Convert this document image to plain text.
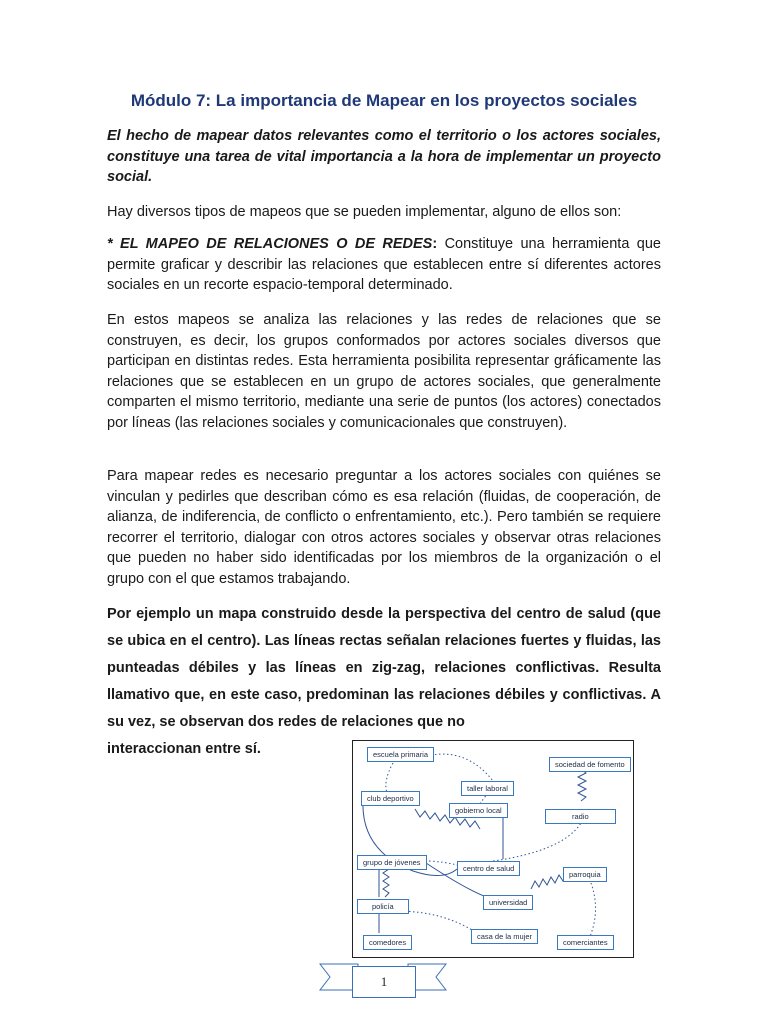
Módulo 7: La importancia de Mapear en los proyectos sociales
El hecho de mapear datos relevantes como el territorio o los actores sociales, constituye una tarea de vital importancia a la hora de implementar un proyecto social.
Hay diversos tipos de mapeos que se pueden implementar, alguno de ellos son:
* EL MAPEO DE RELACIONES O DE REDES: Constituye una herramienta que permite graficar y describir las relaciones que establecen entre sí diferentes actores sociales en un recorte espacio-temporal determinado.
En estos mapeos se analiza las relaciones y las redes de relaciones que se construyen, es decir, los grupos conformados por actores sociales diversos que participan en distintas redes. Esta herramienta posibilita representar gráficamente las relaciones que se establecen en un grupo de actores sociales, que generalmente comparten el mismo territorio, mediante una serie de puntos (los actores) conectados por líneas (las relaciones sociales y comunicacionales que construyen).
Para mapear redes es necesario preguntar a los actores sociales con quiénes se vinculan y pedirles que describan cómo es esa relación (fluidas, de cooperación, de alianza, de indiferencia, de conflicto o enfrentamiento, etc.). Pero también se requiere recorrer el territorio, dialogar con otros actores sociales y observar otras relaciones que pueden no haber sido identificadas por los miembros de la organización o el grupo con el que estamos trabajando.
Por ejemplo un mapa construido desde la perspectiva del centro de salud (que se ubica en el centro). Las líneas rectas señalan relaciones fuertes y fluidas, las punteadas débiles y las líneas en zig-zag, relaciones conflictivas. Resulta llamativo que, en este caso, predominan las relaciones débiles y conflictivas. A su vez, se observan dos redes de relaciones que no
interaccionan entre sí.	escuela primaria
taller laboral
sociedad de fomento
club deportivo
gobierno local
radio
grupo de jóvenes
centro de salud
parroquia
universidad
policía
comedores
casa de la mujer
comerciantes
1
